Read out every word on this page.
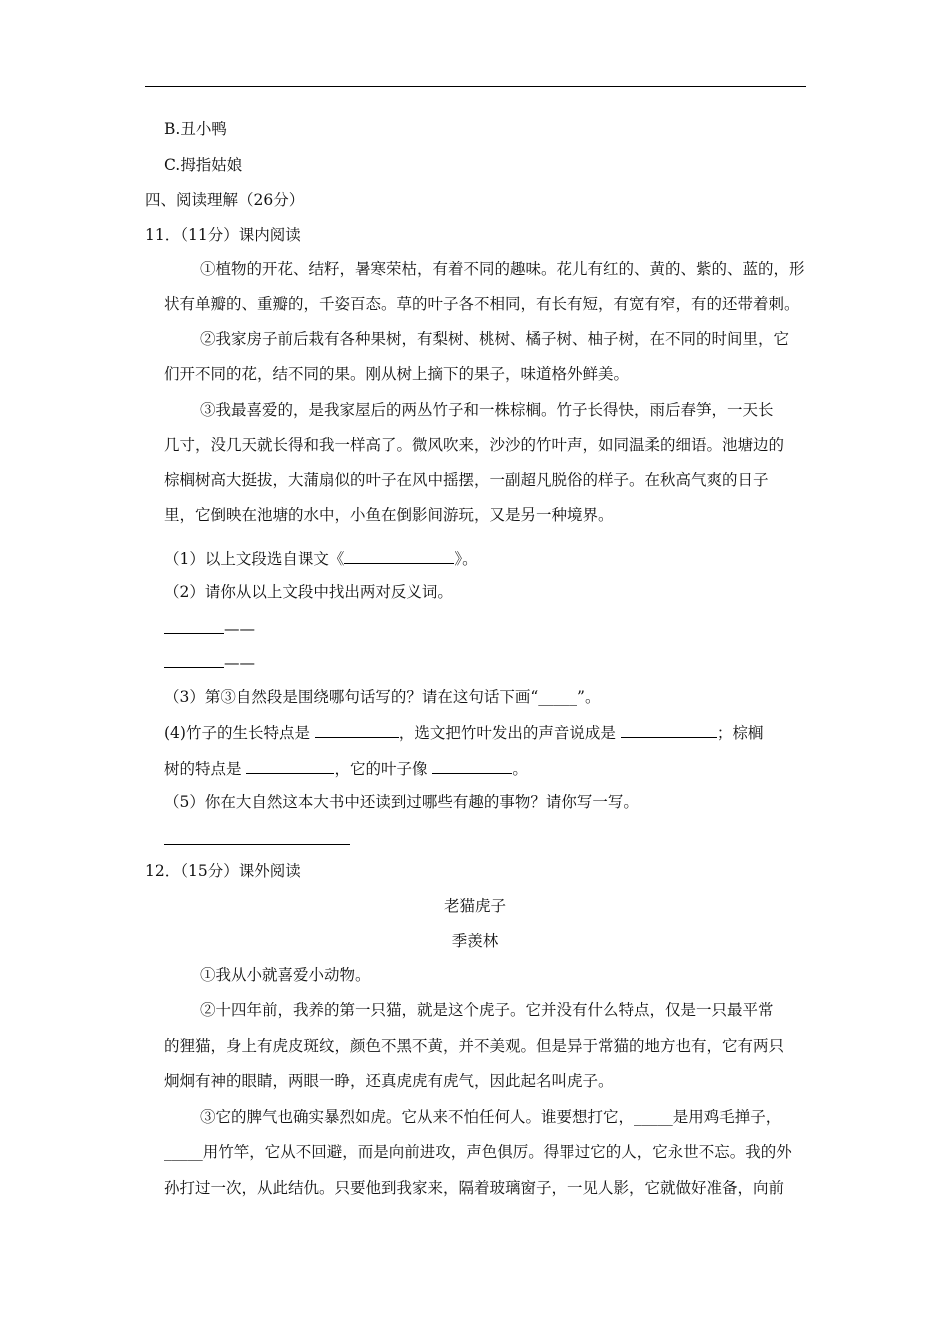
B.丑小鸭
C.拇指姑娘
四、阅读理解（26分）
11．（11分）课内阅读
①植物的开花、结籽，暑寒荣枯，有着不同的趣味。花儿有红的、黄的、紫的、蓝的，形
状有单瓣的、重瓣的，千姿百态。草的叶子各不相同，有长有短，有宽有窄，有的还带着刺。
②我家房子前后栽有各种果树，有梨树、桃树、橘子树、柚子树，在不同的时间里，它
们开不同的花，结不同的果。刚从树上摘下的果子，味道格外鲜美。
③我最喜爱的，是我家屋后的两丛竹子和一株棕榈。竹子长得快，雨后春笋，一天长
几寸，没几天就长得和我一样高了。微风吹来，沙沙的竹叶声，如同温柔的细语。池塘边的
棕榈树高大挺拔，大蒲扇似的叶子在风中摇摆，一副超凡脱俗的样子。在秋高气爽的日子
里，它倒映在池塘的水中，小鱼在倒影间游玩，又是另一种境界。
（1）以上文段选自课文《	》。
（2）请你从以上文段中找出两对反义词。
——
——
（3）第③自然段是围绕哪句话写的？请在这句话下画“_____”。
(4)竹子的生长特点是	，选文把竹叶发出的声音说成是	；棕榈
树的特点是	，它的叶子像	。
（5）你在大自然这本大书中还读到过哪些有趣的事物？请你写一写。
12．（15分）课外阅读
老猫虎子
季羡林
①我从小就喜爱小动物。
②十四年前，我养的第一只猫，就是这个虎子。它并没有什么特点，仅是一只最平常
的狸猫，身上有虎皮斑纹，颜色不黑不黄，并不美观。但是异于常猫的地方也有，它有两只
炯炯有神的眼睛，两眼一睁，还真虎虎有虎气，因此起名叫虎子。
③它的脾气也确实暴烈如虎。它从来不怕任何人。谁要想打它，_____是用鸡毛掸子，
_____用竹竿，它从不回避，而是向前进攻，声色俱厉。得罪过它的人，它永世不忘。我的外
孙打过一次，从此结仇。只要他到我家来，隔着玻璃窗子，一见人影，它就做好准备，向前
